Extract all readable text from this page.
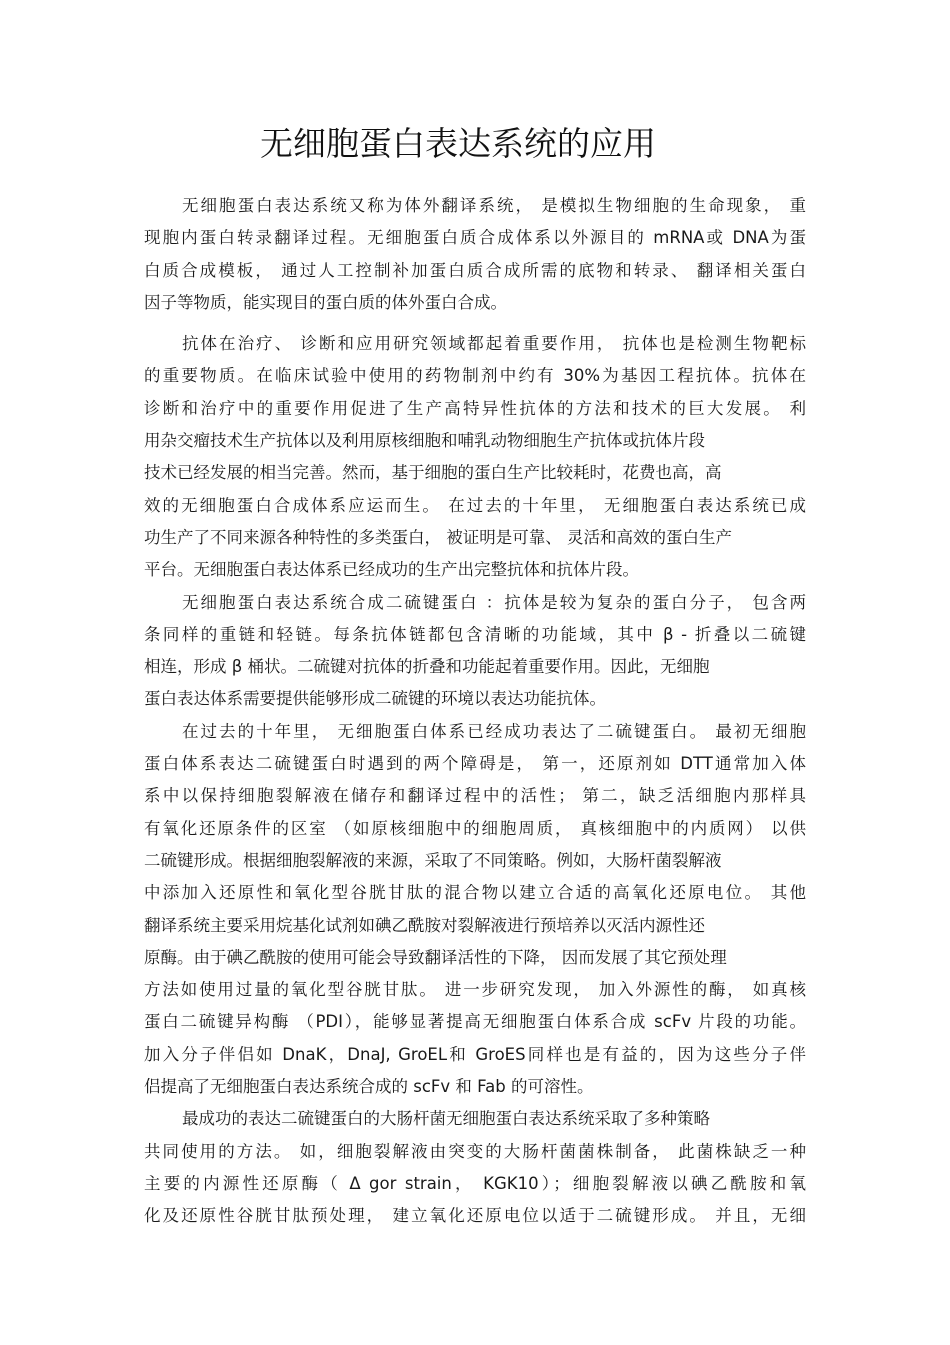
无细胞蛋白表达系统的应用
无细胞蛋白表达系统又称为体外翻译系统， 是模拟生物细胞的生命现象， 重
现胞内蛋白转录翻译过程。无细胞蛋白质合成体系以外源目的 mRNA或 DNA为蛋
白质合成模板， 通过人工控制补加蛋白质合成所需的底物和转录、 翻译相关蛋白
因子等物质，能实现目的蛋白质的体外蛋白合成。
抗体在治疗、 诊断和应用研究领域都起着重要作用， 抗体也是检测生物靶标
的重要物质。在临床试验中使用的药物制剂中约有 30%为基因工程抗体。抗体在
诊断和治疗中的重要作用促进了生产高特异性抗体的方法和技术的巨大发展。 利
用杂交瘤技术生产抗体以及利用原核细胞和哺乳动物细胞生产抗体或抗体片段
技术已经发展的相当完善。然而，基于细胞的蛋白生产比较耗时，花费也高，高
效的无细胞蛋白合成体系应运而生。 在过去的十年里， 无细胞蛋白表达系统已成
功生产了不同来源各种特性的多类蛋白， 被证明是可靠、 灵活和高效的蛋白生产
平台。无细胞蛋白表达体系已经成功的生产出完整抗体和抗体片段。
无细胞蛋白表达系统合成二硫键蛋白 ：抗体是较为复杂的蛋白分子， 包含两
条同样的重链和轻链。每条抗体链都包含清晰的功能域，其中 β - 折叠以二硫键
相连，形成 β 桶状。二硫键对抗体的折叠和功能起着重要作用。因此，无细胞
蛋白表达体系需要提供能够形成二硫键的环境以表达功能抗体。
在过去的十年里， 无细胞蛋白体系已经成功表达了二硫键蛋白。 最初无细胞
蛋白体系表达二硫键蛋白时遇到的两个障碍是， 第一，还原剂如 DTT通常加入体
系中以保持细胞裂解液在储存和翻译过程中的活性； 第二，缺乏活细胞内那样具
有氧化还原条件的区室 （如原核细胞中的细胞周质， 真核细胞中的内质网） 以供
二硫键形成。根据细胞裂解液的来源，采取了不同策略。例如，大肠杆菌裂解液
中添加入还原性和氧化型谷胱甘肽的混合物以建立合适的高氧化还原电位。 其他
翻译系统主要采用烷基化试剂如碘乙酰胺对裂解液进行预培养以灭活内源性还
原酶。由于碘乙酰胺的使用可能会导致翻译活性的下降， 因而发展了其它预处理
方法如使用过量的氧化型谷胱甘肽。 进一步研究发现， 加入外源性的酶， 如真核
蛋白二硫键异构酶 （PDI），能够显著提高无细胞蛋白体系合成 scFv 片段的功能。
加入分子伴侣如 DnaK，DnaJ, GroEL和 GroES同样也是有益的，因为这些分子伴
侣提高了无细胞蛋白表达系统合成的 scFv 和 Fab 的可溶性。
最成功的表达二硫键蛋白的大肠杆菌无细胞蛋白表达系统采取了多种策略
共同使用的方法。 如，细胞裂解液由突变的大肠杆菌菌株制备， 此菌株缺乏一种
主要的内源性还原酶（ Δ gor strain， KGK10）；细胞裂解液以碘乙酰胺和氧
化及还原性谷胱甘肽预处理， 建立氧化还原电位以适于二硫键形成。 并且，无细
